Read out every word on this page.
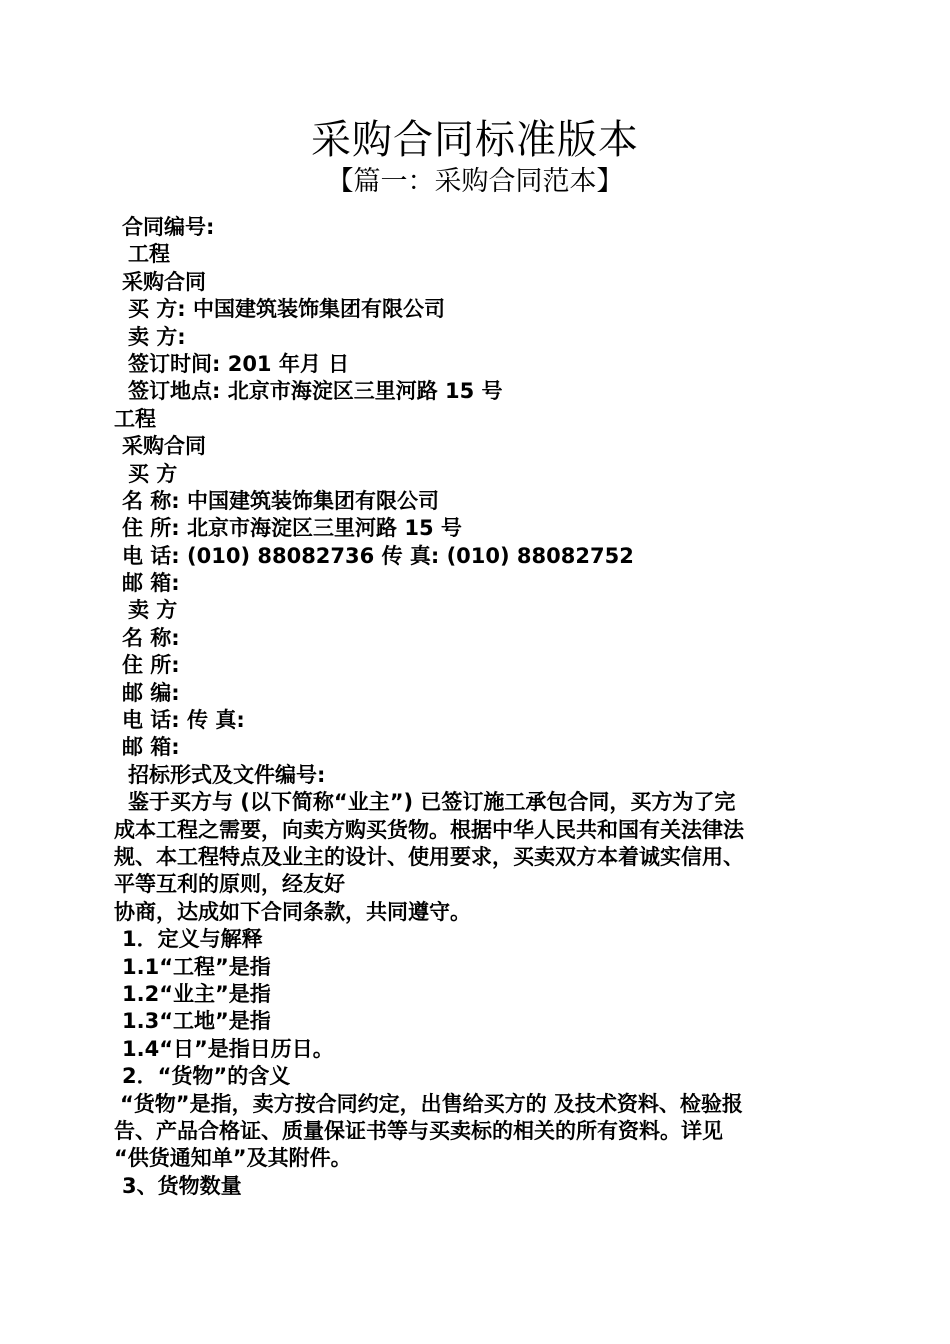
采购合同标准版本
【篇一：采购合同范本】
合同编号:
工程
采购合同
买 方: 中国建筑装饰集团有限公司
卖 方:
签订时间: 201 年月 日
签订地点: 北京市海淀区三里河路 15 号
工程
采购合同
买 方
名 称: 中国建筑装饰集团有限公司
住 所: 北京市海淀区三里河路 15 号
电 话: (010) 88082736 传 真: (010) 88082752
邮 箱:
卖 方
名 称:
住 所:
邮 编:
电 话: 传 真:
邮 箱:
招标形式及文件编号:
鉴于买方与 (以下简称“业主”) 已签订施工承包合同，买方为了完
成本工程之需要，向卖方购买货物。根据中华人民共和国有关法律法
规、本工程特点及业主的设计、使用要求，买卖双方本着诚实信用、
平等互利的原则，经友好
协商，达成如下合同条款，共同遵守。
1．定义与解释
1.1“工程”是指
1.2“业主”是指
1.3“工地”是指
1.4“日”是指日历日。
2．“货物”的含义
“货物”是指，卖方按合同约定，出售给买方的 及技术资料、检验报
告、产品合格证、质量保证书等与买卖标的相关的所有资料。详见
“供货通知单”及其附件。
3、货物数量
